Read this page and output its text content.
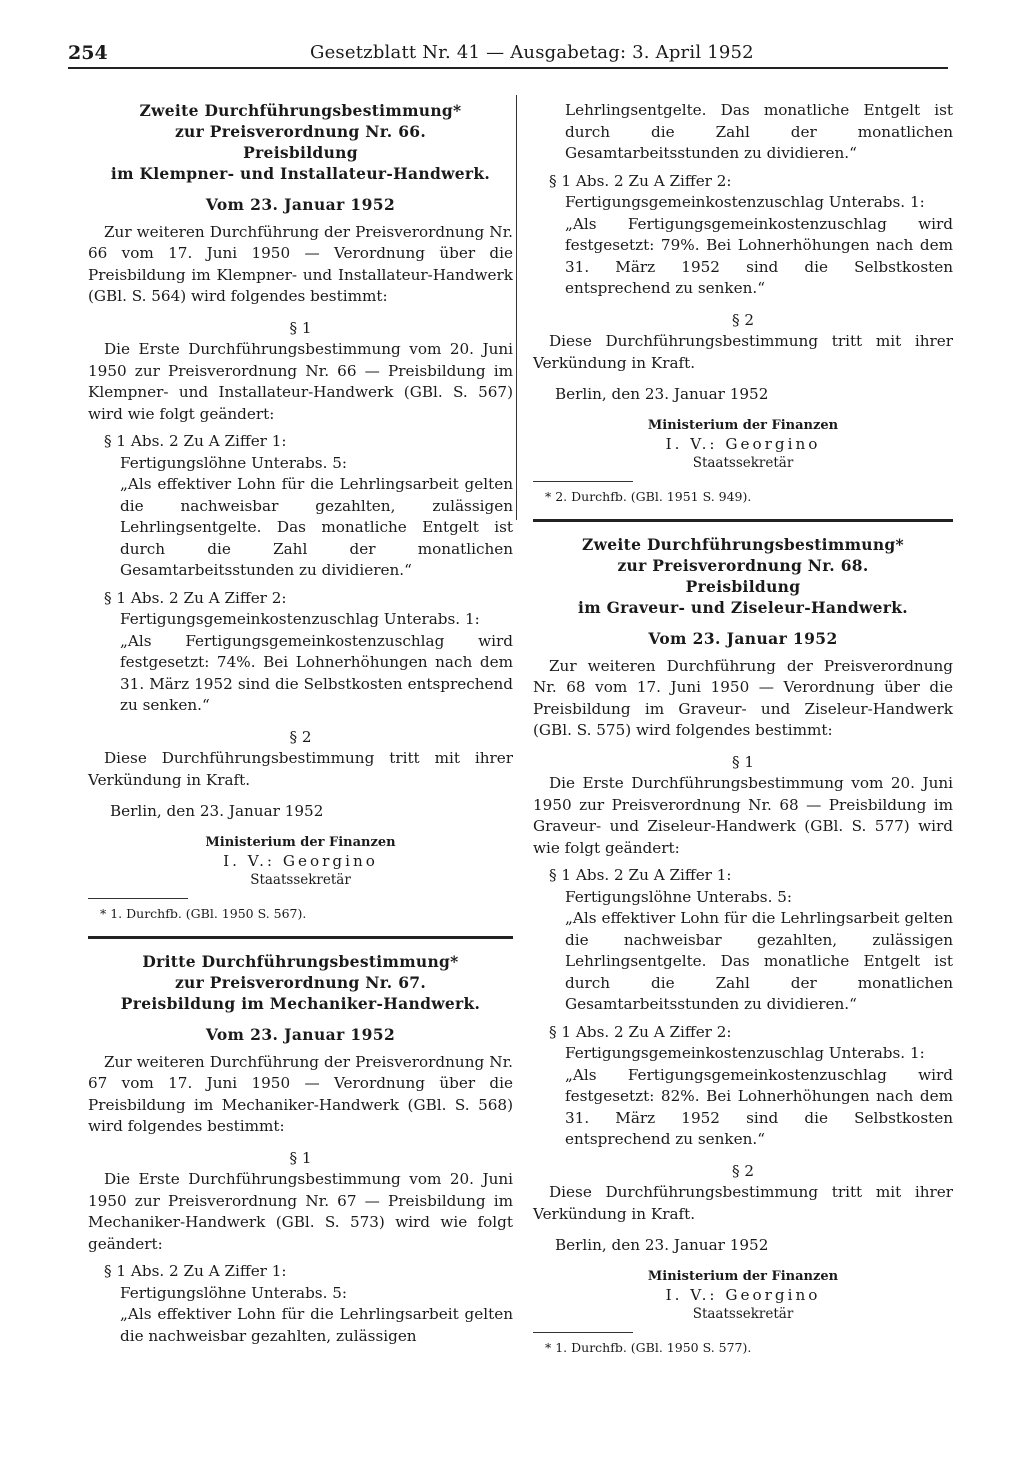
254	Gesetzblatt Nr. 41 — Ausgabetag: 3. April 1952
Zweite Durchführungsbestimmung*
zur Preisverordnung Nr. 66.
Preisbildung
im Klempner- und Installateur-Handwerk.
Vom 23. Januar 1952

Zur weiteren Durchführung der Preisverordnung Nr. 66 vom 17. Juni 1950 — Verordnung über die Preisbildung im Klempner- und Installateur-Handwerk (GBl. S. 564) wird folgendes bestimmt:

§ 1

Die Erste Durchführungsbestimmung vom 20. Juni 1950 zur Preisverordnung Nr. 66 — Preisbildung im Klempner- und Installateur-Handwerk (GBl. S. 567) wird wie folgt geändert:

§ 1 Abs. 2 Zu A Ziffer 1:
Fertigungslöhne Unterabs. 5:

„Als effektiver Lohn für die Lehrlingsarbeit gelten die nachweisbar gezahlten, zulässigen Lehrlingsentgelte. Das monatliche Entgelt ist durch die Zahl der monatlichen Gesamtarbeitsstunden zu dividieren.“

§ 1 Abs. 2 Zu A Ziffer 2:
Fertigungsgemeinkostenzuschlag Unterabs. 1:

„Als Fertigungsgemeinkostenzuschlag wird festgesetzt: 74%. Bei Lohnerhöhungen nach dem 31. März 1952 sind die Selbstkosten entsprechend zu senken.“

§ 2

Diese Durchführungsbestimmung tritt mit ihrer Verkündung in Kraft.

Berlin, den 23. Januar 1952
Ministerium der Finanzen
I. V.: Georgino
Staatssekretär
* 1. Durchfb. (GBl. 1950 S. 567).
Dritte Durchführungsbestimmung*
zur Preisverordnung Nr. 67.
Preisbildung im Mechaniker-Handwerk.
Vom 23. Januar 1952

Zur weiteren Durchführung der Preisverordnung Nr. 67 vom 17. Juni 1950 — Verordnung über die Preisbildung im Mechaniker-Handwerk (GBl. S. 568) wird folgendes bestimmt:

§ 1

Die Erste Durchführungsbestimmung vom 20. Juni 1950 zur Preisverordnung Nr. 67 — Preisbildung im Mechaniker-Handwerk (GBl. S. 573) wird wie folgt geändert:

§ 1 Abs. 2 Zu A Ziffer 1:
Fertigungslöhne Unterabs. 5:

„Als effektiver Lohn für die Lehrlingsarbeit gelten die nachweisbar gezahlten, zulässigen

Lehrlingsentgelte. Das monatliche Entgelt ist durch die Zahl der monatlichen Gesamtarbeitsstunden zu dividieren.“

§ 1 Abs. 2 Zu A Ziffer 2:
Fertigungsgemeinkostenzuschlag Unterabs. 1:

„Als Fertigungsgemeinkostenzuschlag wird festgesetzt: 79%. Bei Lohnerhöhungen nach dem 31. März 1952 sind die Selbstkosten entsprechend zu senken.“

§ 2

Diese Durchführungsbestimmung tritt mit ihrer Verkündung in Kraft.

Berlin, den 23. Januar 1952
Ministerium der Finanzen
I. V.: Georgino
Staatssekretär
* 2. Durchfb. (GBl. 1951 S. 949).
Zweite Durchführungsbestimmung*
zur Preisverordnung Nr. 68.
Preisbildung
im Graveur- und Ziseleur-Handwerk.
Vom 23. Januar 1952

Zur weiteren Durchführung der Preisverordnung Nr. 68 vom 17. Juni 1950 — Verordnung über die Preisbildung im Graveur- und Ziseleur-Handwerk (GBl. S. 575) wird folgendes bestimmt:

§ 1

Die Erste Durchführungsbestimmung vom 20. Juni 1950 zur Preisverordnung Nr. 68 — Preisbildung im Graveur- und Ziseleur-Handwerk (GBl. S. 577) wird wie folgt geändert:

§ 1 Abs. 2 Zu A Ziffer 1:
Fertigungslöhne Unterabs. 5:

„Als effektiver Lohn für die Lehrlingsarbeit gelten die nachweisbar gezahlten, zulässigen Lehrlingsentgelte. Das monatliche Entgelt ist durch die Zahl der monatlichen Gesamtarbeitsstunden zu dividieren.“

§ 1 Abs. 2 Zu A Ziffer 2:
Fertigungsgemeinkostenzuschlag Unterabs. 1:

„Als Fertigungsgemeinkostenzuschlag wird festgesetzt: 82%. Bei Lohnerhöhungen nach dem 31. März 1952 sind die Selbstkosten entsprechend zu senken.“

§ 2

Diese Durchführungsbestimmung tritt mit ihrer Verkündung in Kraft.

Berlin, den 23. Januar 1952
Ministerium der Finanzen
I. V.: Georgino
Staatssekretär
* 1. Durchfb. (GBl. 1950 S. 577).
